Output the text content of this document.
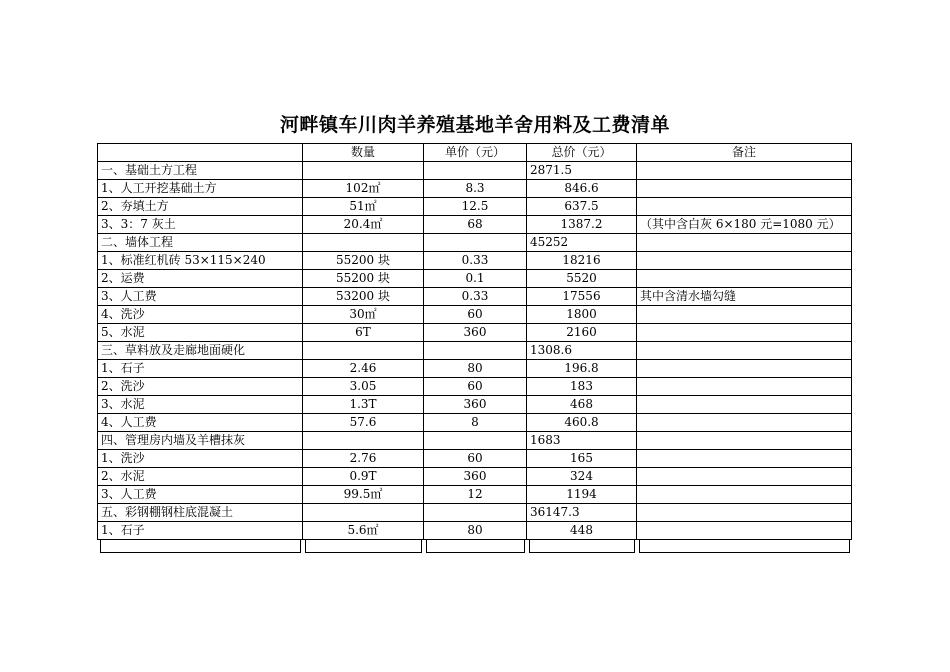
河畔镇车川肉羊养殖基地羊舍用料及工费清单
	数量	单价（元）	总价（元）	备注
一、基础土方工程			2871.5	
1、人工开挖基础土方	102㎡	8.3	846.6	
2、夯填土方	51㎡	12.5	637.5	
3、3：7 灰土	20.4㎡	68	1387.2	（其中含白灰 6×180 元=1080 元）
二、墙体工程			45252	
1、标准红机砖 53×115×240	55200 块	0.33	18216	
2、运费	55200 块	0.1	5520	
3、人工费	53200 块	0.33	17556	其中含清水墙勾缝
4、洗沙	30㎡	60	1800	
5、水泥	6T	360	2160	
三、草料放及走廊地面硬化			1308.6	
1、石子	2.46	80	196.8	
2、洗沙	3.05	60	183	
3、水泥	1.3T	360	468	
4、人工费	57.6	8	460.8	
四、管理房内墙及羊槽抹灰			1683	
1、洗沙	2.76	60	165	
2、水泥	0.9T	360	324	
3、人工费	99.5㎡	12	1194	
五、彩钢棚钢柱底混凝土			36147.3	
1、石子	5.6㎡	80	448	
